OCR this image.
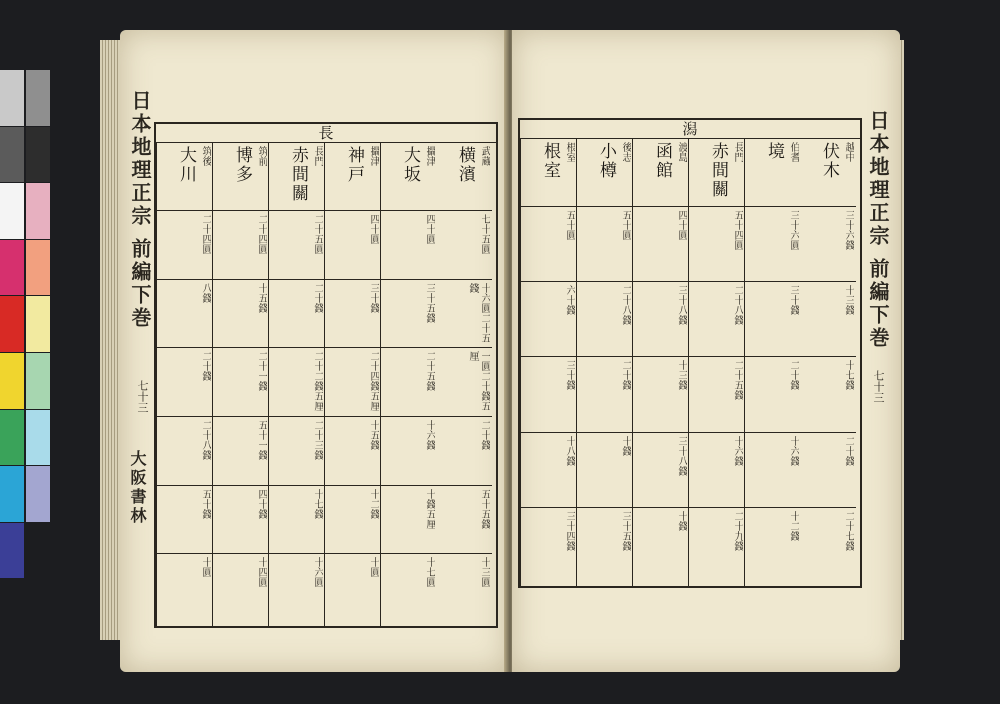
日本地理正宗 前編下巻
七十三
大阪書林
長
武蔵
横濱
七十五圓
十六圓二十五錢
一圓二十錢五厘
二十錢
五十五錢
十三圓
攝津
大坂
四十圓
三十五錢
二十五錢
十六錢
十錢五厘
十七圓
攝津
神戸
四十圓
三十錢
二十四錢五厘
十五錢
十二錢
十圓
長門
赤間關
二十五圓
二十錢
二十二錢五厘
二十三錢
十七錢
十六圓
筑前
博多
二十四圓
十五錢
二十一錢
五十一錢
四十錢
十四圓
筑後
大川
二十四圓
八錢
二十錢
二十八錢
五十錢
十圓
潟
越中
伏木
三十六錢
十三錢
十七錢
二十錢
二十七錢
伯耆
境
三十六圓
三十錢
二十錢
十六錢
十二錢
長門
赤間關
五十四圓
二十八錢
二十五錢
十六錢
二十九錢
渡島
函館
四十圓
三十八錢
十三錢
三十八錢
十錢
後志
小樽
五十圓
二十八錢
二十錢
十錢
三十五錢
根室
根室
五十圓
六十錢
三十錢
十八錢
三十四錢
日本地理正宗 前編下巻
七十三
